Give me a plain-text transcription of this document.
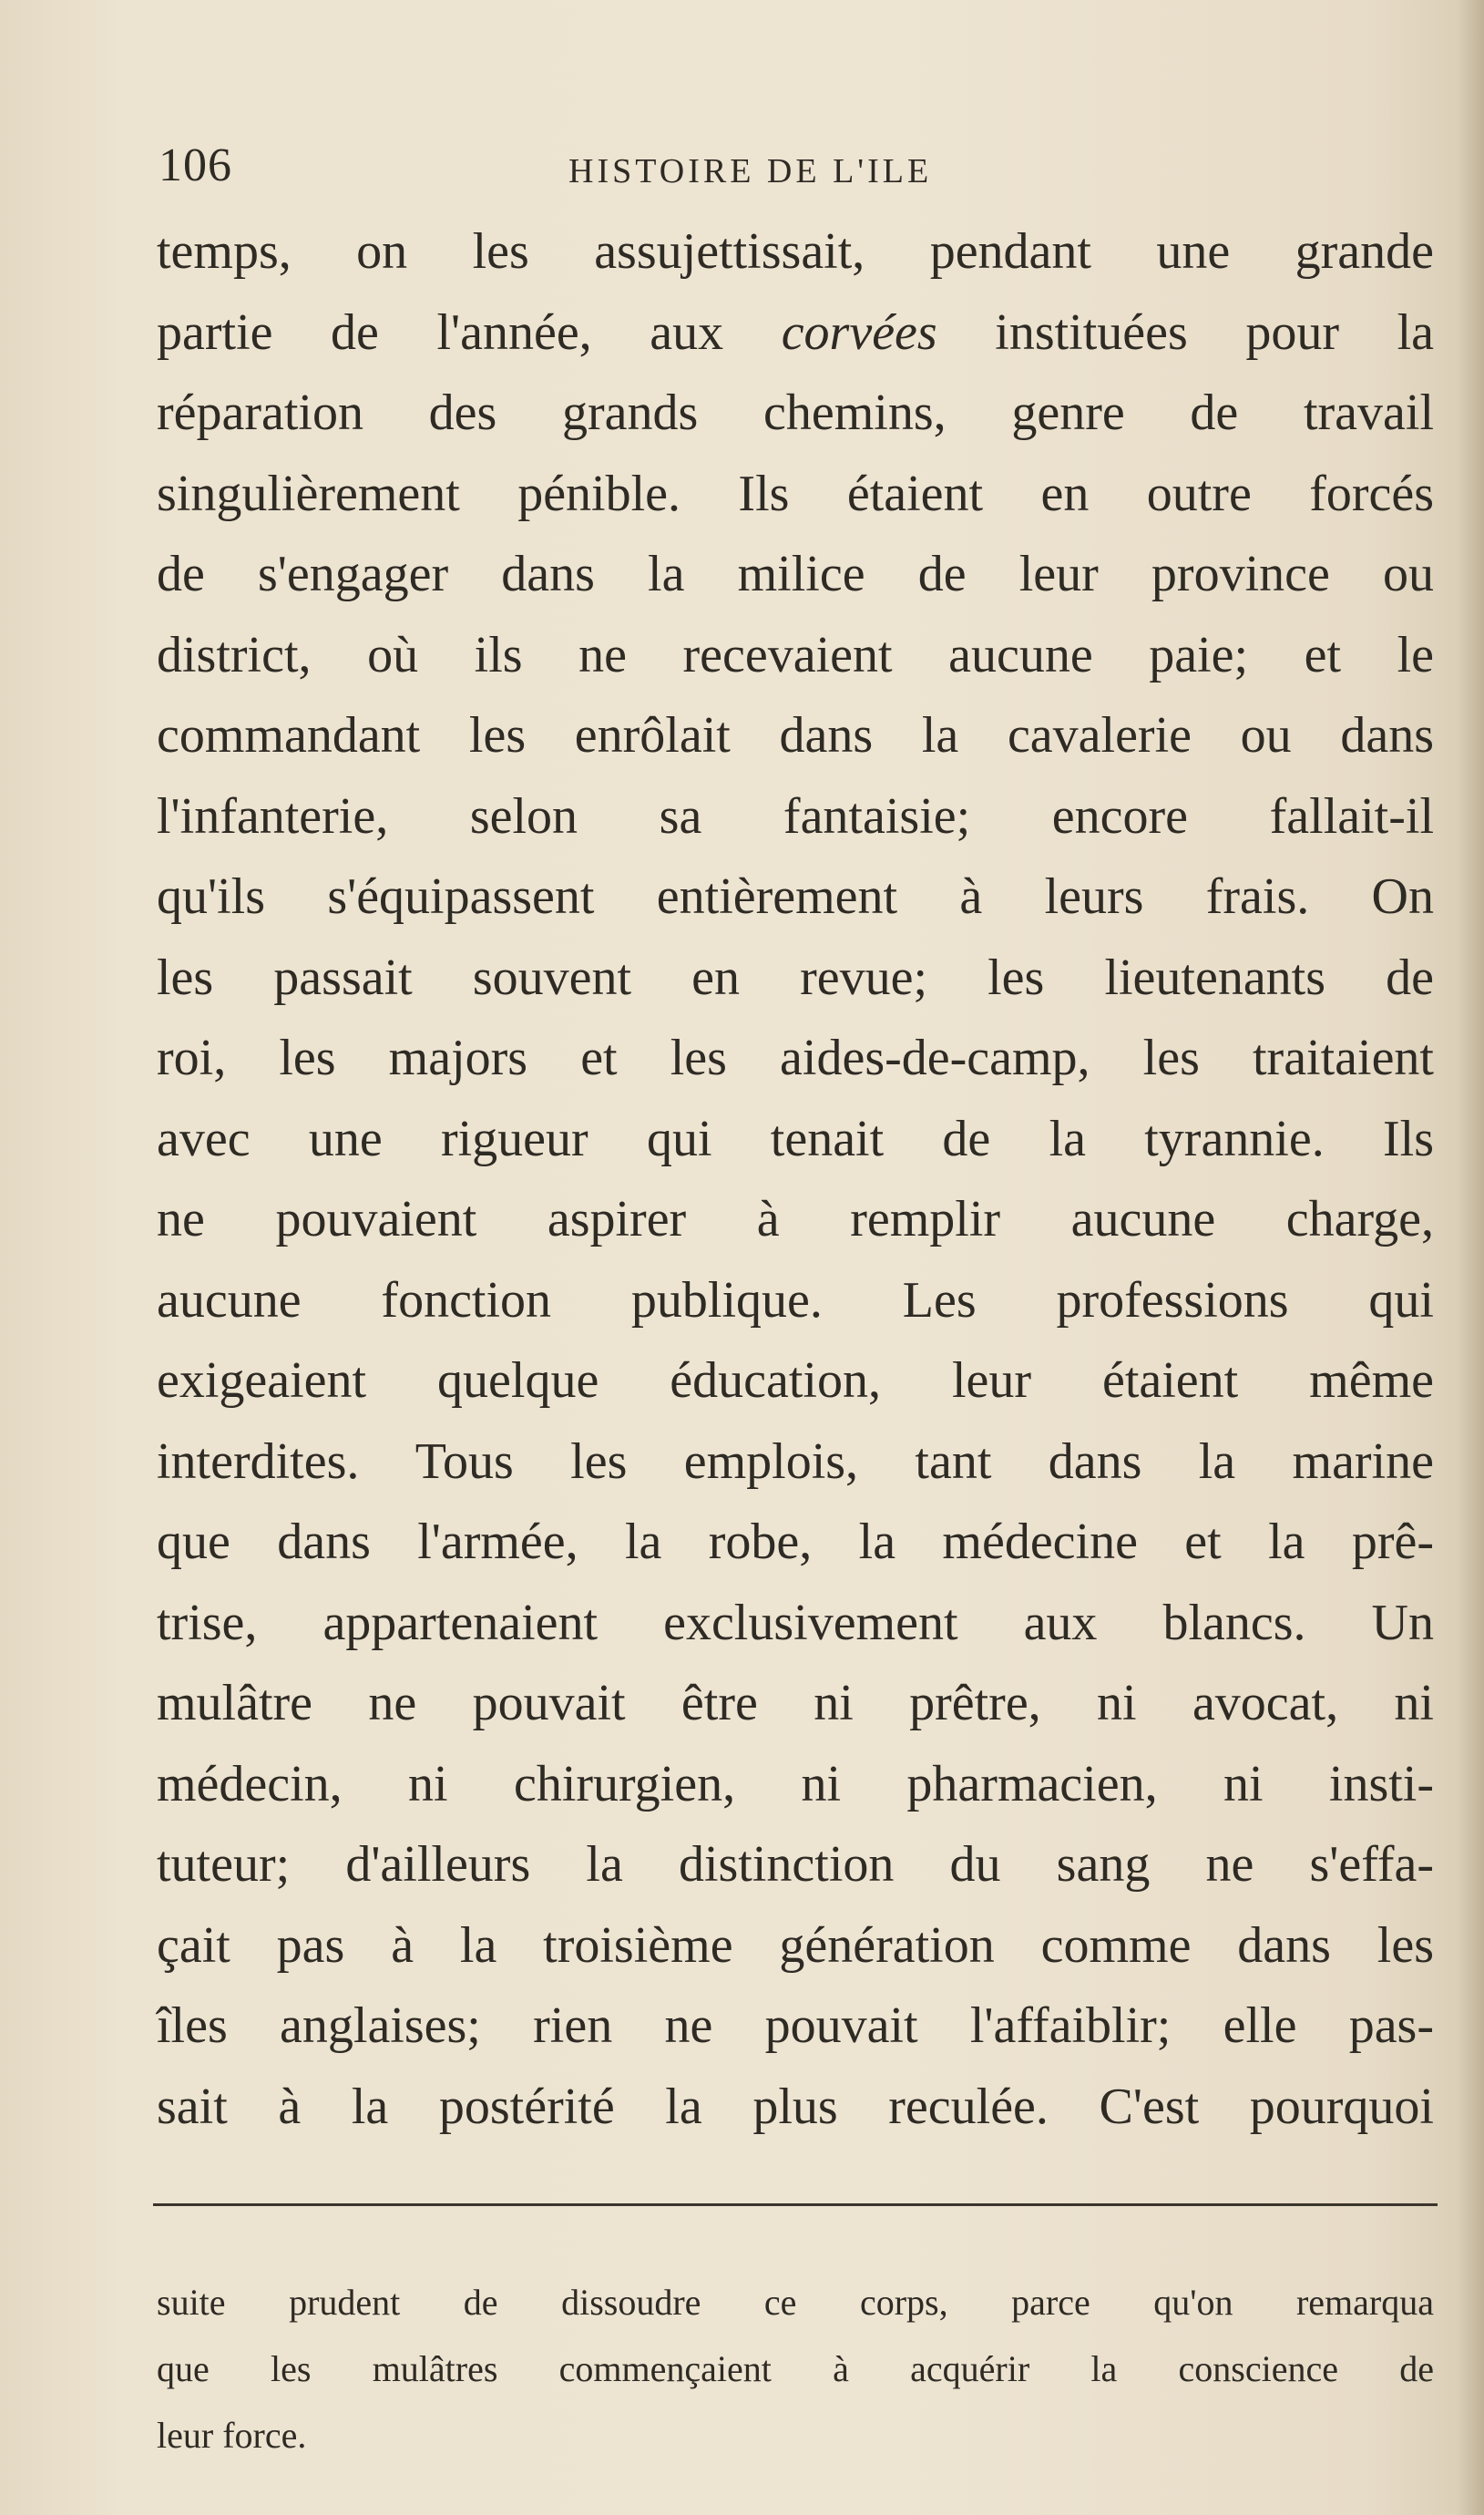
106	HISTOIRE DE L'ILE
temps, on les assujettissait, pendant une grande
partie de l'année, aux corvées instituées pour la
réparation des grands chemins, genre de travail
singulièrement pénible. Ils étaient en outre forcés
de s'engager dans la milice de leur province ou
district, où ils ne recevaient aucune paie; et le
commandant les enrôlait dans la cavalerie ou dans
l'infanterie, selon sa fantaisie; encore fallait-il
qu'ils s'équipassent entièrement à leurs frais. On
les passait souvent en revue; les lieutenants de
roi, les majors et les aides-de-camp, les traitaient
avec une rigueur qui tenait de la tyrannie. Ils
ne pouvaient aspirer à remplir aucune charge,
aucune fonction publique. Les professions qui
exigeaient quelque éducation, leur étaient même
interdites. Tous les emplois, tant dans la marine
que dans l'armée, la robe, la médecine et la prê-
trise, appartenaient exclusivement aux blancs. Un
mulâtre ne pouvait être ni prêtre, ni avocat, ni
médecin, ni chirurgien, ni pharmacien, ni insti-
tuteur; d'ailleurs la distinction du sang ne s'effa-
çait pas à la troisième génération comme dans les
îles anglaises; rien ne pouvait l'affaiblir; elle pas-
sait à la postérité la plus reculée. C'est pourquoi
suite prudent de dissoudre ce corps, parce qu'on remarqua
que les mulâtres commençaient à acquérir la conscience de
leur force.
